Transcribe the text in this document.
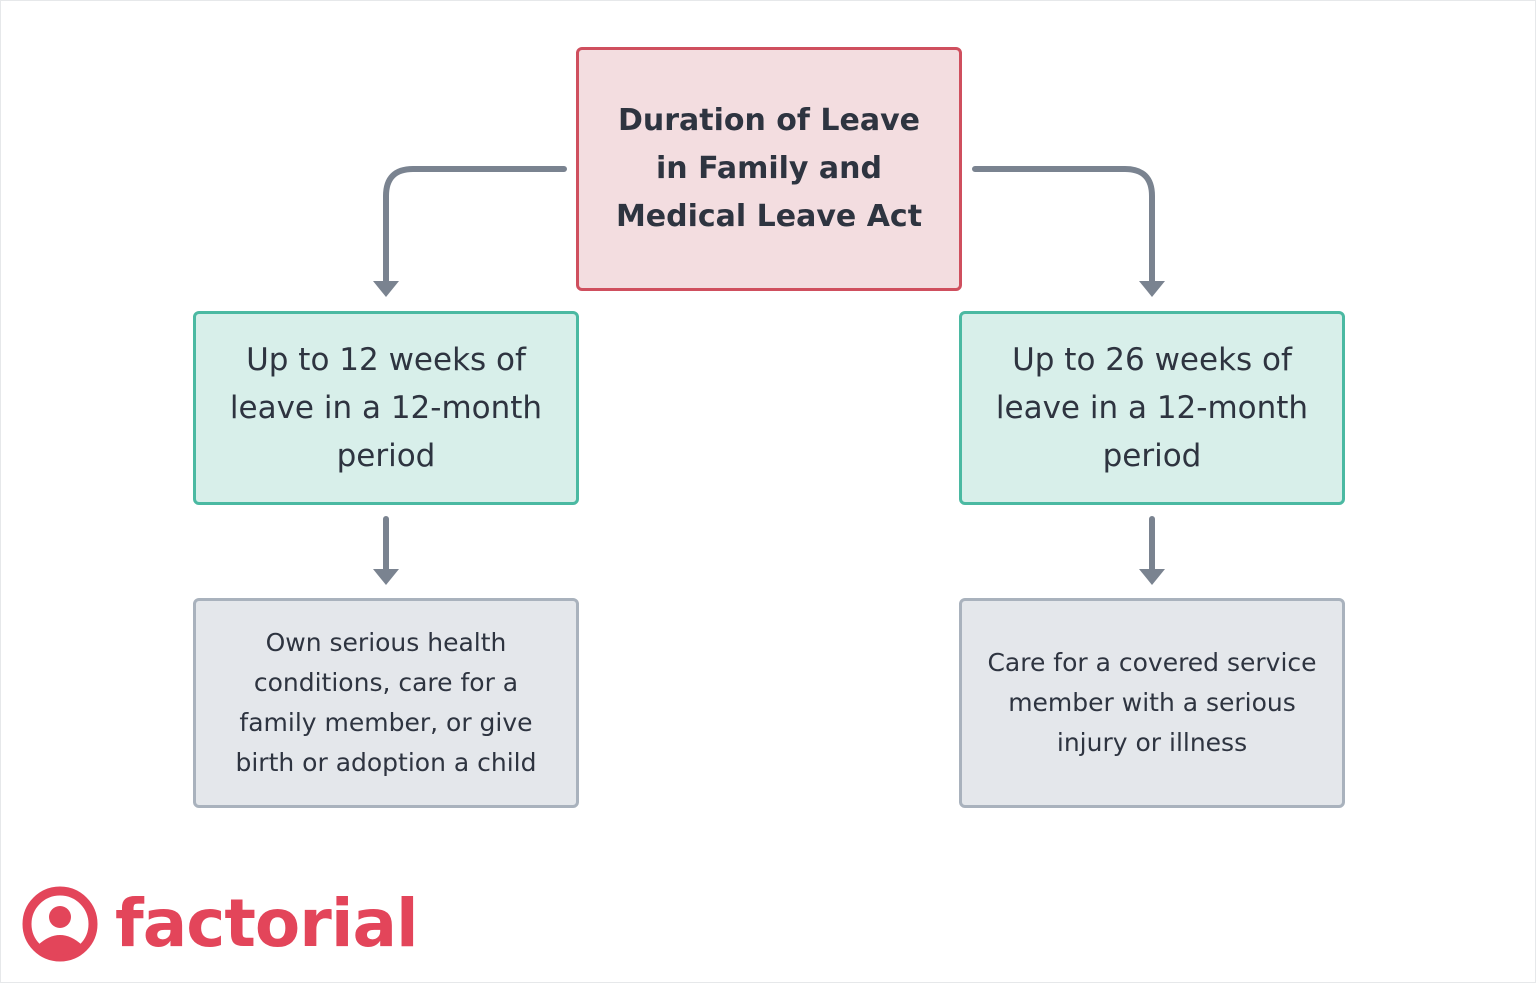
Duration of Leave in Family and Medical Leave Act
Up to 12 weeks of leave in a 12-month period
Up to 26 weeks of leave in a 12-month period
Own serious health conditions, care for a family member, or give birth or adoption a child
Care for a covered service member with a serious injury or illness
factorial
